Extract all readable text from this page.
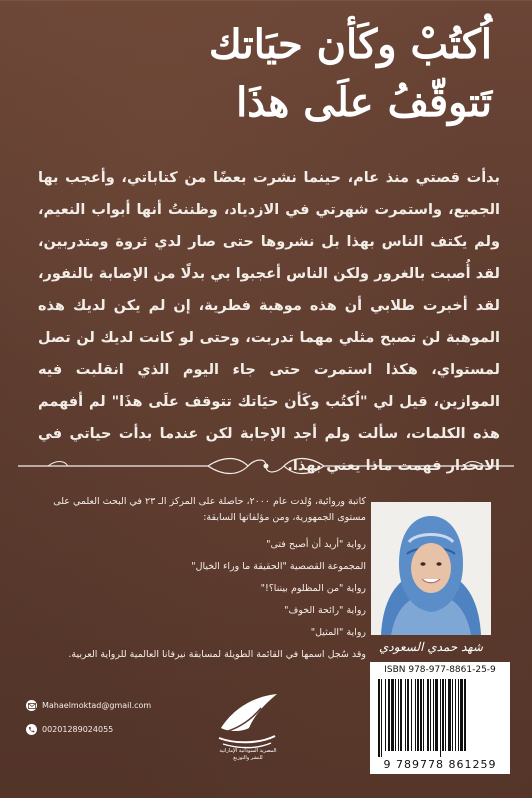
اُكتُبْ وكَأن حيَاتك
تَتوقّفُ علَى هذَا
بدأت قصتي منذ عام، حينما نشرت بعضًا من كتاباتي، وأعجب بها الجميع، واستمرت شهرتي في الازدياد، وظننتُ أنها أبواب النعيم، ولم يكتف الناس بهذا بل نشروها حتى صار لدي ثروة ومتدربين، لقد أُصبت بالغرور ولكن الناس أعجبوا بي بدلًا من الإصابة بالنفور، لقد أخبرت طلابي أن هذه موهبة فطرية، إن لم يكن لديك هذه الموهبة لن تصبح مثلي مهما تدربت، وحتى لو كانت لديك لن تصل لمستواي، هكذا استمرت حتى جاء اليوم الذي انقلبت فيه الموازين، قيل لي "اُكتُب وكَأن حيَاتك تتوقف علَى هذَا" لم أفهمم هذه الكلمات، سألت ولم أجد الإجابة لكن عندما بدأت حياتي في الانحدار فهمت ماذا يعني بهذا.

كاتبة وروائية، وُلدت عام ٢٠٠٠، حاصلة على المركز الـ ٢٣ في البحث العلمي على مستوى الجمهورية، ومن مؤلفاتها السابقة:

رواية "أريد أن أصبح فتى"

المجموعة القصصية "الحقيقة ما وراء الخيال"

رواية "من المظلوم بيننا؟!"

رواية "رائحة الخوف"

رواية "المثيل"

وقد سُجل اسمها في القائمة الطويلة لمسابقة نيرفانا العالمية للرواية العربية.

شهد حمدي السعودي
Mahaelmoktad@gmail.com
00201289024055
المصرية السودانية الإماراتية
للنشر والتوزيع
ISBN 978-977-8861-25-9
9 789778 861259
